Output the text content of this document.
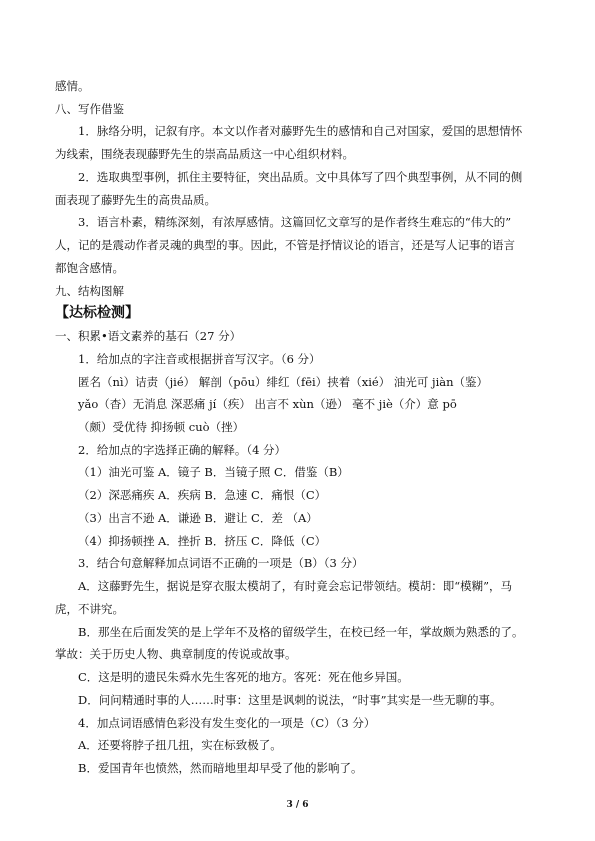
感情。
八、写作借鉴
1．脉络分明，记叙有序。本文以作者对藤野先生的感情和自己对国家，爱国的思想情怀
为线索，围绕表现藤野先生的崇高品质这一中心组织材料。
2．选取典型事例，抓住主要特征，突出品质。文中具体写了四个典型事例，从不同的侧
面表现了藤野先生的高贵品质。
3．语言朴素，精练深刻，有浓厚感情。这篇回忆文章写的是作者终生难忘的“伟大的”
人，记的是震动作者灵魂的典型的事。因此，不管是抒情议论的语言，还是写人记事的语言
都饱含感情。
九、结构图解
【达标检测】
一、积累•语文素养的基石（27 分）
1．给加点的字注音或根据拼音写汉字。（6 分）
匿名（nì）诘责（jié） 解剖（pōu）绯红（fēi）挟着（xié） 油光可 jiàn（鉴）
yǎo（杳）无消息 深恶痛 jí（疾） 出言不 xùn（逊） 毫不 jiè（介）意 pō
（颇）受优待 抑扬顿 cuò（挫）
2．给加点的字选择正确的解释。（4 分）
（1）油光可鉴 A．镜子 B．当镜子照 C．借鉴（B）
（2）深恶痛疾 A．疾病 B．急速 C．痛恨（C）
（3）出言不逊 A．谦逊 B．避让 C．差 （A）
（4）抑扬顿挫 A．挫折 B．挤压 C．降低（C）
3．结合句意解释加点词语不正确的一项是（B）（3 分）
A．这藤野先生，据说是穿衣服太模胡了，有时竟会忘记带领结。模胡：即“模糊”，马
虎，不讲究。
B．那坐在后面发笑的是上学年不及格的留级学生，在校已经一年，掌故颇为熟悉的了。
掌故：关于历史人物、典章制度的传说或故事。
C．这是明的遗民朱舜水先生客死的地方。客死：死在他乡异国。
D．问问精通时事的人……时事：这里是讽刺的说法，“时事”其实是一些无聊的事。
4．加点词语感情色彩没有发生变化的一项是（C）（3 分）
A．还要将脖子扭几扭，实在标致极了。
B．爱国青年也愤然，然而暗地里却早受了他的影响了。
3 / 6
